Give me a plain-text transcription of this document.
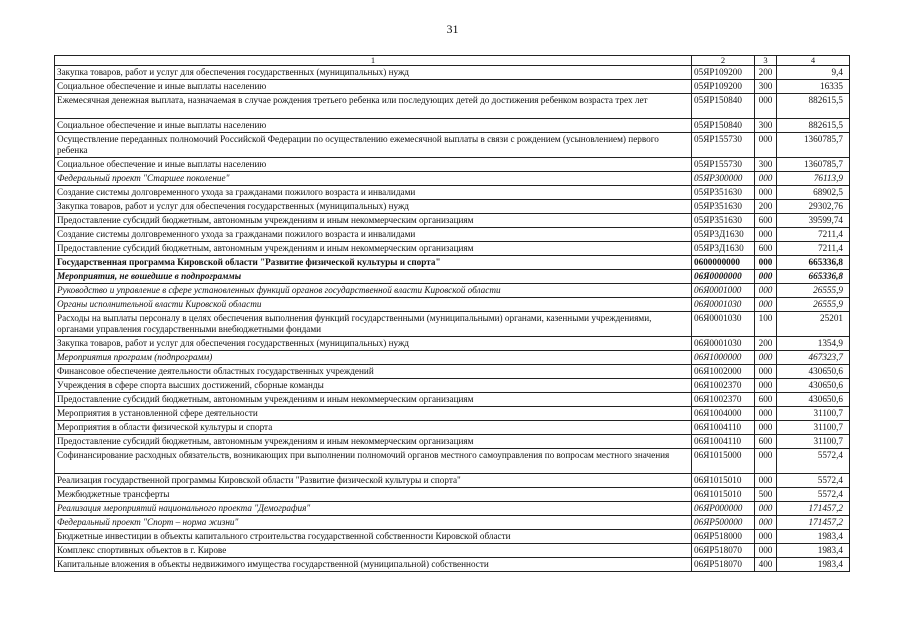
31
1	2	3	4
Закупка товаров, работ и услуг для обеспечения государственных (муниципальных) нужд	05ЯР109200	200	9,4
Социальное обеспечение и иные выплаты населению	05ЯР109200	300	16335
Ежемесячная денежная выплата, назначаемая в случае рождения третьего ребенка или последующих детей до достижения ребенком возраста трех лет	05ЯР150840	000	882615,5
Социальное обеспечение и иные выплаты населению	05ЯР150840	300	882615,5
Осуществление переданных полномочий Российской Федерации по осуществлению ежемесячной выплаты в связи с рождением (усыновлением) первого ребенка	05ЯР155730	000	1360785,7
Социальное обеспечение и иные выплаты населению	05ЯР155730	300	1360785,7
Федеральный проект "Старшее поколение"	05ЯР300000	000	76113,9
Создание системы долговременного ухода за гражданами пожилого возраста и инвалидами	05ЯР351630	000	68902,5
Закупка товаров, работ и услуг для обеспечения государственных (муниципальных) нужд	05ЯР351630	200	29302,76
Предоставление субсидий бюджетным, автономным учреждениям и иным некоммерческим организациям	05ЯР351630	600	39599,74
Создание системы долговременного ухода за гражданами пожилого возраста и инвалидами	05ЯР3Д1630	000	7211,4
Предоставление субсидий бюджетным, автономным учреждениям и иным некоммерческим организациям	05ЯР3Д1630	600	7211,4
Государственная программа Кировской области "Развитие физической культуры и спорта"	0600000000	000	665336,8
Мероприятия, не вошедшие в подпрограммы	06Я0000000	000	665336,8
Руководство и управление в сфере установленных функций органов государственной власти Кировской области	06Я0001000	000	26555,9
Органы исполнительной власти Кировской области	06Я0001030	000	26555,9
Расходы на выплаты персоналу в целях обеспечения выполнения функций государственными (муниципальными) органами, казенными учреждениями, органами управления государственными внебюджетными фондами	06Я0001030	100	25201
Закупка товаров, работ и услуг для обеспечения государственных (муниципальных) нужд	06Я0001030	200	1354,9
Мероприятия программ (подпрограмм)	06Я1000000	000	467323,7
Финансовое обеспечение деятельности областных государственных учреждений	06Я1002000	000	430650,6
Учреждения в сфере спорта высших достижений, сборные команды	06Я1002370	000	430650,6
Предоставление субсидий бюджетным, автономным учреждениям и иным некоммерческим организациям	06Я1002370	600	430650,6
Мероприятия в установленной сфере деятельности	06Я1004000	000	31100,7
Мероприятия в области физической культуры и спорта	06Я1004110	000	31100,7
Предоставление субсидий бюджетным, автономным учреждениям и иным некоммерческим организациям	06Я1004110	600	31100,7
Софинансирование расходных обязательств, возникающих при выполнении полномочий органов местного самоуправления по вопросам местного значения	06Я1015000	000	5572,4
Реализация государственной программы Кировской области "Развитие физической культуры и спорта"	06Я1015010	000	5572,4
Межбюджетные трансферты	06Я1015010	500	5572,4
Реализация мероприятий национального проекта "Демография"	06ЯР000000	000	171457,2
Федеральный проект "Спорт – норма жизни"	06ЯР500000	000	171457,2
Бюджетные инвестиции в объекты капитального строительства государственной собственности Кировской области	06ЯР518000	000	1983,4
Комплекс спортивных объектов в г. Кирове	06ЯР518070	000	1983,4
Капитальные вложения в объекты недвижимого имущества государственной (муниципальной) собственности	06ЯР518070	400	1983,4
